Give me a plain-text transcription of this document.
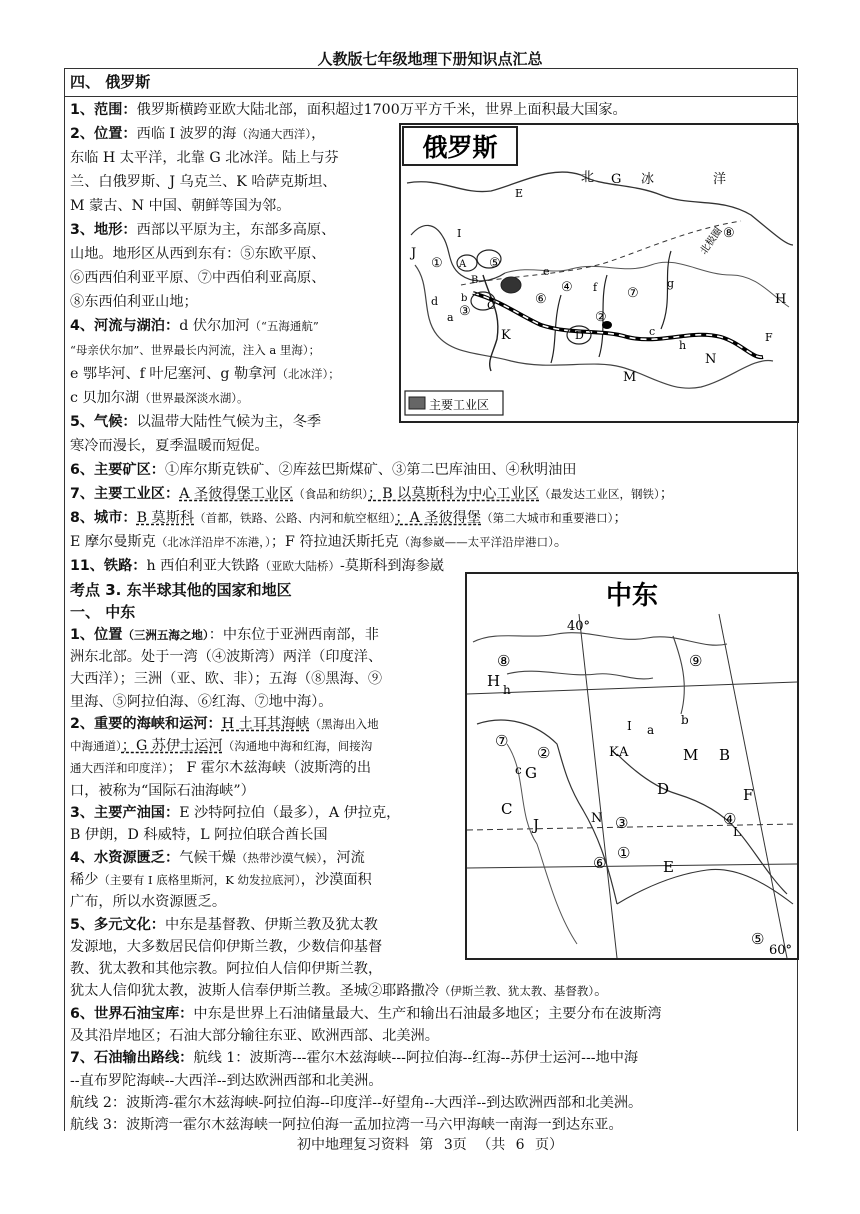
人教版七年级地理下册知识点汇总
四、 俄罗斯
1、范围：俄罗斯横跨亚欧大陆北部，面积超过1700万平方千米，世界上面积最大国家。
2、位置：西临 I 波罗的海（沟通大西洋），
东临 H 太平洋，北靠 G 北冰洋。陆上与芬
兰、白俄罗斯、J 乌克兰、K 哈萨克斯坦、
M 蒙古、N 中国、朝鲜等国为邻。
3、地形：西部以平原为主，东部多高原、
山地。地形区从西到东有：⑤东欧平原、
⑥西西伯利亚平原、⑦中西伯利亚高原、
⑧东西伯利亚山地；
4、河流与湖泊：d 伏尔加河（“五海通航”
“母亲伏尔加”、世界最长内河流，注入 a 里海）；
e 鄂毕河、f 叶尼塞河、g 勒拿河（北冰洋）；
c 贝加尔湖（世界最深淡水湖）。
5、气候：以温带大陆性气候为主，冬季
寒冷而漫长，夏季温暖而短促。
6、主要矿区：①库尔斯克铁矿、②库兹巴斯煤矿、③第二巴库油田、④秋明油田
7、主要工业区：A 圣彼得堡工业区（食品和纺织）；B 以莫斯科为中心工业区（最发达工业区，钢铁）；
8、城市：B 莫斯科（首都，铁路、公路、内河和航空枢纽）；A 圣彼得堡（第二大城市和重要港口）；
E 摩尔曼斯克（北冰洋沿岸不冻港，）；F 符拉迪沃斯托克（海参崴——太平洋沿岸港口）。
11、铁路：h 西伯利亚大铁路（亚欧大陆桥）-莫斯科到海参崴
俄罗斯
主要工业区
北 G 冰	洋
北极圈
E
J
I
① A
B
⑤
d
③ C
a
K
⑥
e
④ f ⑦
D
②
g
⑧
c
h
N
M
H
F
b
考点 3. 东半球其他的国家和地区
一、 中东
1、位置（三洲五海之地）：中东位于亚洲西南部，非
洲东北部。处于一湾（④波斯湾）两洋（印度洋、
大西洋）；三洲（亚、欧、非）；五海（⑧黑海、⑨
里海、⑤阿拉伯海、⑥红海、⑦地中海）。
2、重要的海峡和运河：H 土耳其海峡（黑海出入地
中海通道）；G 苏伊士运河（沟通地中海和红海，间接沟
通大西洋和印度洋）； F 霍尔木兹海峡（波斯湾的出
口，被称为“国际石油海峡”）
3、主要产油国：E 沙特阿拉伯（最多），A 伊拉克，
B 伊朗，D 科威特，L 阿拉伯联合酋长国
4、水资源匮乏：气候干燥（热带沙漠气候），河流
稀少（主要有 I 底格里斯河，K 幼发拉底河），沙漠面积
广布，所以水资源匮乏。
5、多元文化：中东是基督教、伊斯兰教及犹太教
发源地，大多数居民信仰伊斯兰教，少数信仰基督
教、犹太教和其他宗教。阿拉伯人信仰伊斯兰教，
犹太人信仰犹太教，波斯人信奉伊斯兰教。圣城②耶路撒冷（伊斯兰教、犹太教、基督教）。
6、世界石油宝库：中东是世界上石油储量最大、生产和输出石油最多地区；主要分布在波斯湾
及其沿岸地区；石油大部分输往东亚、欧洲西部、北美洲。
7、石油输出路线：航线 1：波斯湾---霍尔木兹海峡---阿拉伯海--红海--苏伊士运河---地中海
--直布罗陀海峡--大西洋--到达欧洲西部和北美洲。
中东
40°
60°
⑧	⑨
H h
I	b
a
⑦
②	K A	M B
D
c G
F
④
L
C
J	N ③
①
⑥	E
⑤
初中地理复习资料 第 3页 （共 6 页）
航线 2：波斯湾-霍尔木兹海峡-阿拉伯海--印度洋--好望角--大西洋--到达欧洲西部和北美洲。
航线 3：波斯湾一霍尔木兹海峡一阿拉伯海一孟加拉湾一马六甲海峡一南海一到达东亚。
